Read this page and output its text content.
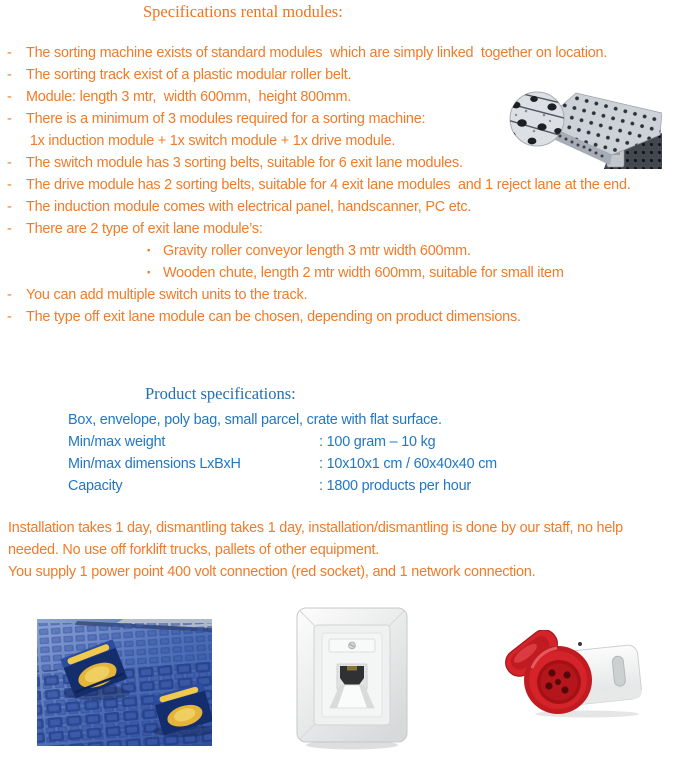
Specifications rental modules:
- The sorting machine exists of standard modules  which are simply linked  together on location.
- The sorting track exist of a plastic modular roller belt.
- Module: length 3 mtr,  width 600mm,  height 800mm.
- There is a minimum of 3 modules required for a sorting machine:
1x induction module + 1x switch module + 1x drive module.
- The switch module has 3 sorting belts, suitable for 6 exit lane modules.
- The drive module has 2 sorting belts, suitable for 4 exit lane modules  and 1 reject lane at the end.
- The induction module comes with electrical panel, handscanner, PC etc.
- There are 2 type of exit lane module’s:
▪ Gravity roller conveyor length 3 mtr width 600mm.
▪ Wooden chute, length 2 mtr width 600mm, suitable for small item
- You can add multiple switch units to the track.
- The type off exit lane module can be chosen, depending on product dimensions.
Product specifications:
Box, envelope, poly bag, small parcel, crate with flat surface.
Min/max weight	: 100 gram – 10 kg
Min/max dimensions LxBxH	: 10x10x1 cm / 60x40x40 cm
Capacity	: 1800 products per hour

Installation takes 1 day, dismantling takes 1 day, installation/dismantling is done by our staff, no help needed. No use off forklift trucks, pallets of other equipment.

You supply 1 power point 400 volt connection (red socket), and 1 network connection.
